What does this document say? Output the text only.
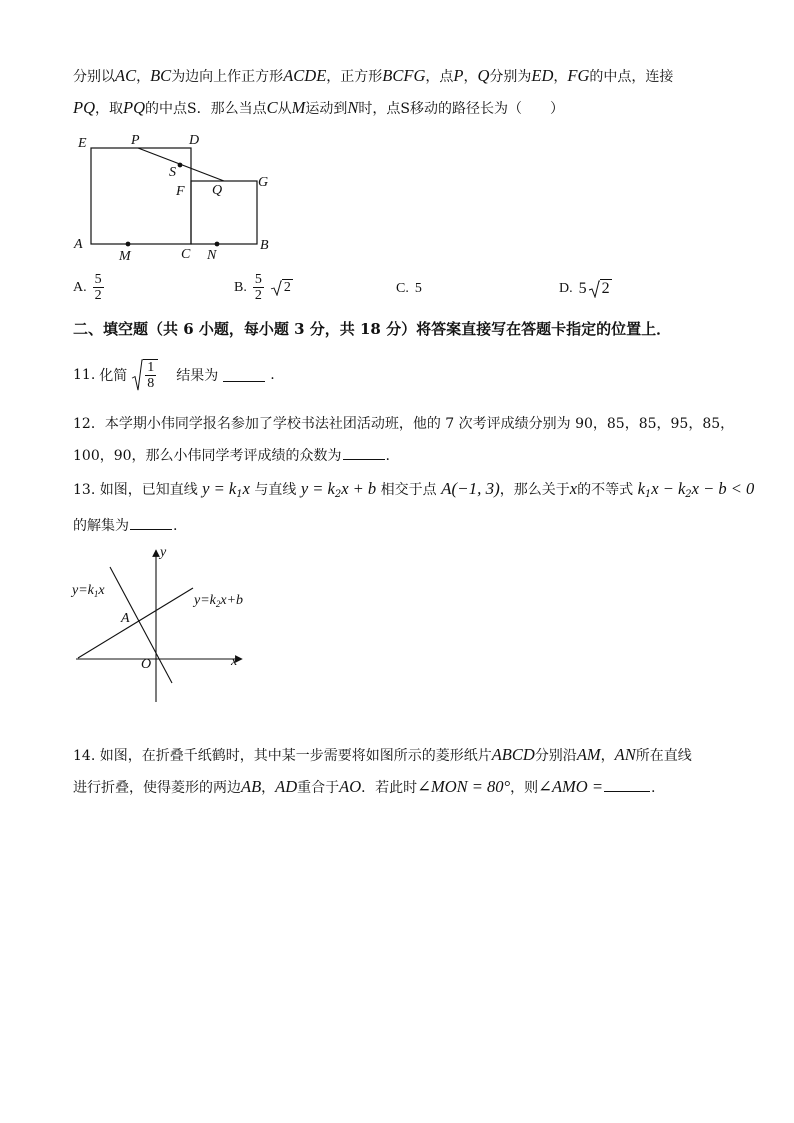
分别以AC，BC为边向上作正方形ACDE，正方形BCFG，点P，Q分别为ED，FG的中点，连接
PQ，取PQ的中点S．那么当点C从M运动到N时，点S移动的路径长为（　　）
E	P	D
S
F Q
G
A
M	C N
B
A. $\frac{5}{2}$	B. $\frac{5}{2}$	2	C. 5	D. 5 2
二、填空题（共 6 小题，每小题 3 分，共 18 分）将答案直接写在答题卡指定的位置上．
11. 化简 $\frac{1}{8}$ 结果为	.
12．本学期小伟同学报名参加了学校书法社团活动班，他的 7 次考评成绩分别为 90，85，85，95，85，
100，90，那么小伟同学考评成绩的众数为	.
13. 如图，已知直线 $y = k_1x$ 与直线 $y = k_2x + b$ 相交于点 A(−1, 3)，那么关于x的不等式 $k_1x - k_2x - b < 0$
的解集为	.
y
x
O
A
$y=k_1x$
$y=k_2x+b$
14. 如图，在折叠千纸鹤时，其中某一步需要将如图所示的菱形纸片ABCD分别沿AM，AN所在直线
进行折叠，使得菱形的两边AB，AD重合于AO．若此时∠MON = 80°，则∠AMO =	.
